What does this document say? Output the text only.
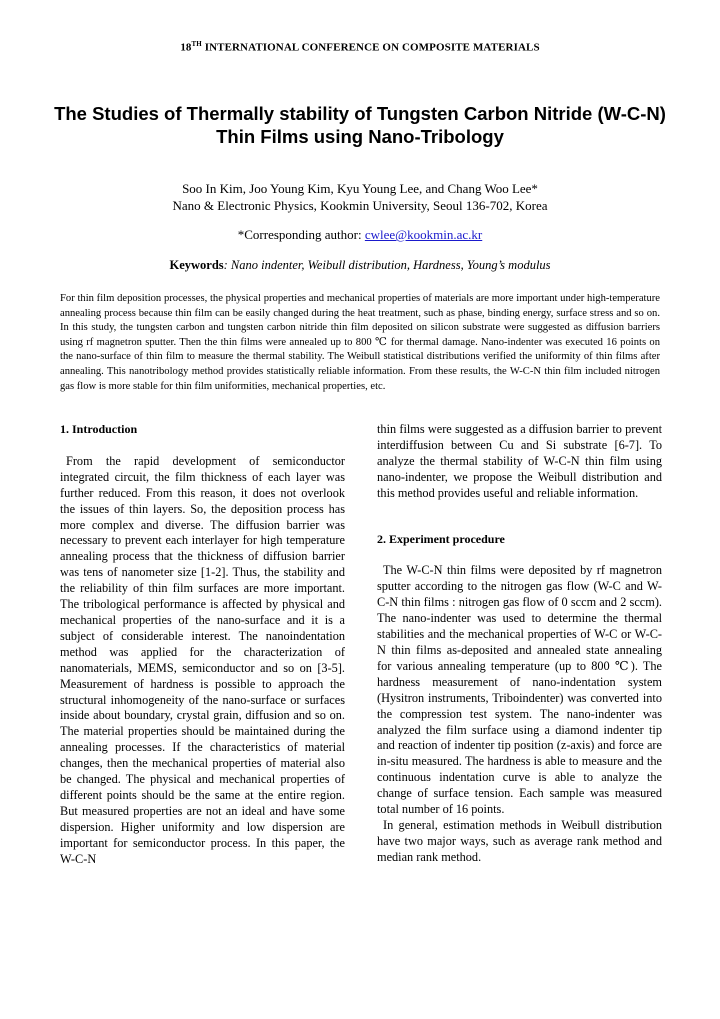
18TH INTERNATIONAL CONFERENCE ON COMPOSITE MATERIALS
The Studies of Thermally stability of Tungsten Carbon Nitride (W-C-N) Thin Films using Nano-Tribology
Soo In Kim, Joo Young Kim, Kyu Young Lee, and Chang Woo Lee*
Nano & Electronic Physics, Kookmin University, Seoul 136-702, Korea
*Corresponding author: cwlee@kookmin.ac.kr
Keywords: Nano indenter, Weibull distribution, Hardness, Young’s modulus
For thin film deposition processes, the physical properties and mechanical properties of materials are more important under high-temperature annealing process because thin film can be easily changed during the heat treatment, such as phase, binding energy, surface stress and so on. In this study, the tungsten carbon and tungsten carbon nitride thin film deposited on silicon substrate were suggested as diffusion barriers using rf magnetron sputter. Then the thin films were annealed up to 800 ℃ for thermal damage. Nano-indenter was executed 16 points on the nano-surface of thin film to measure the thermal stability. The Weibull statistical distributions verified the uniformity of thin films after annealing. This nanotribology method provides statistically reliable information. From these results, the W-C-N thin film included nitrogen gas flow is more stable for thin film uniformities, mechanical properties, etc.

1. Introduction

From the rapid development of semiconductor integrated circuit, the film thickness of each layer was further reduced. From this reason, it does not overlook the issues of thin layers. So, the deposition process has more complex and diverse. The diffusion barrier was necessary to prevent each interlayer for high temperature annealing process that the thickness of diffusion barrier was tens of nanometer size [1-2]. Thus, the stability and the reliability of thin film surfaces are more important. The tribological performance is affected by physical and mechanical properties of the nano-surface and it is a subject of considerable interest. The nanoindentation method was applied for the characterization of nanomaterials, MEMS, semiconductor and so on [3-5]. Measurement of hardness is possible to approach the structural inhomogeneity of the nano-surface or surfaces inside about boundary, crystal grain, diffusion and so on. The material properties should be maintained during the annealing processes. If the characteristics of material changes, then the mechanical properties of material also be changed. The physical and mechanical properties of different points should be the same at the entire region. But measured properties are not an ideal and have some dispersion. Higher uniformity and low dispersion are important for semiconductor process. In this paper, the W-C-N

thin films were suggested as a diffusion barrier to prevent interdiffusion between Cu and Si substrate [6-7]. To analyze the thermal stability of W-C-N thin film using nano-indenter, we propose the Weibull distribution and this method provides useful and reliable information.

2. Experiment procedure

The W-C-N thin films were deposited by rf magnetron sputter according to the nitrogen gas flow (W-C and W-C-N thin films : nitrogen gas flow of 0 sccm and 2 sccm). The nano-indenter was used to determine the thermal stabilities and the mechanical properties of W-C or W-C-N thin films as-deposited and annealed state annealing for various annealing temperature (up to 800 ℃). The hardness measurement of nano-indentation system (Hysitron instruments, Triboindenter) was converted into the compression test system. The nano-indenter was analyzed the film surface using a diamond indenter tip and reaction of indenter tip position (z-axis) and force are in-situ measured. The hardness is able to measure and the continuous indentation curve is able to analyze the change of surface tension. Each sample was measured total number of 16 points.

In general, estimation methods in Weibull distribution have two major ways, such as average rank method and median rank method.
